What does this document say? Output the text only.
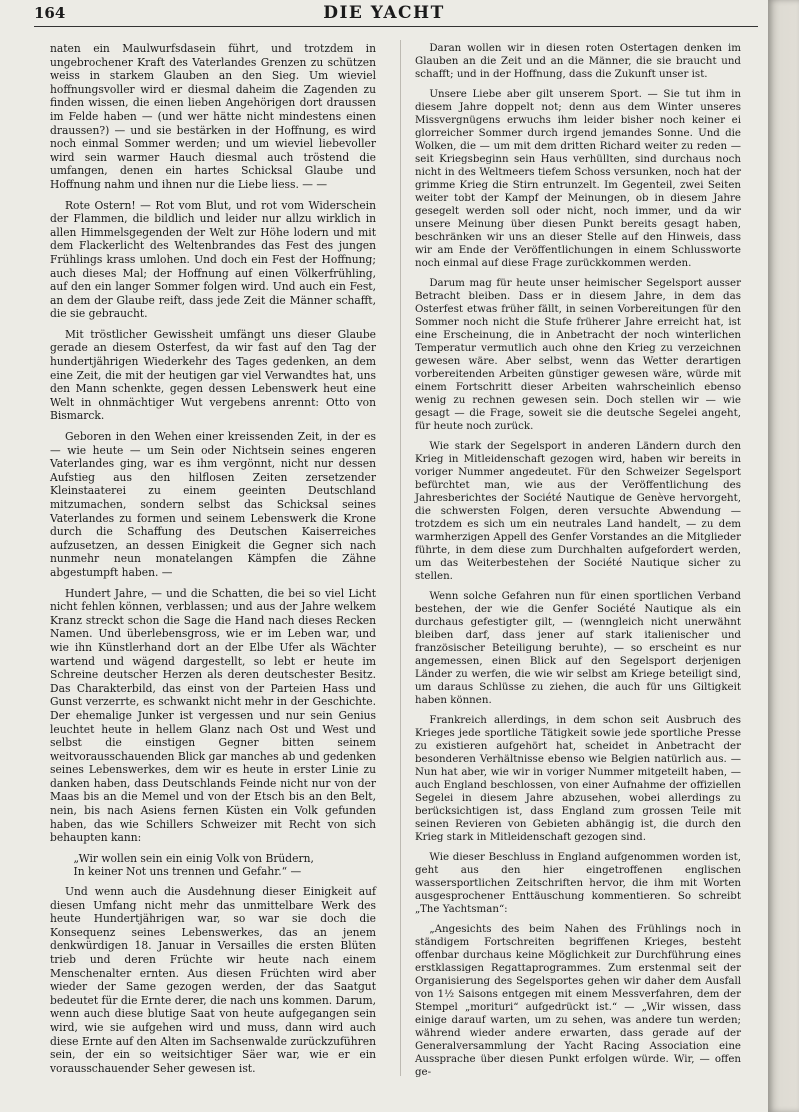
164	DIE YACHT

naten ein Maulwurfsdasein führt, und trotzdem in ungebrochener Kraft des Vaterlandes Grenzen zu schützen weiss in starkem Glauben an den Sieg. Um wieviel hoffnungsvoller wird er diesmal daheim die Zagenden zu finden wissen, die einen lieben Angehörigen dort draussen im Felde haben — (und wer hätte nicht mindestens einen draussen?) — und sie bestärken in der Hoffnung, es wird noch einmal Sommer werden; und um wieviel liebevoller wird sein warmer Hauch diesmal auch tröstend die umfangen, denen ein hartes Schicksal Glaube und Hoffnung nahm und ihnen nur die Liebe liess. — —

Rote Ostern! — Rot vom Blut, und rot vom Widerschein der Flammen, die bildlich und leider nur allzu wirklich in allen Himmelsgegenden der Welt zur Höhe lodern und mit dem Flackerlicht des Weltenbrandes das Fest des jungen Frühlings krass umlohen. Und doch ein Fest der Hoffnung; auch dieses Mal; der Hoffnung auf einen Völkerfrühling, auf den ein langer Sommer folgen wird. Und auch ein Fest, an dem der Glaube reift, dass jede Zeit die Männer schafft, die sie gebraucht.

Mit tröstlicher Gewissheit umfängt uns dieser Glaube gerade an diesem Osterfest, da wir fast auf den Tag der hundertjährigen Wiederkehr des Tages gedenken, an dem eine Zeit, die mit der heutigen gar viel Verwandtes hat, uns den Mann schenkte, gegen dessen Lebenswerk heut eine Welt in ohnmächtiger Wut vergebens anrennt: Otto von Bismarck.

Geboren in den Wehen einer kreissenden Zeit, in der es — wie heute — um Sein oder Nichtsein seines engeren Vaterlandes ging, war es ihm vergönnt, nicht nur dessen Aufstieg aus den hilflosen Zeiten zersetzender Kleinstaaterei zu einem geeinten Deutschland mitzumachen, sondern selbst das Schicksal seines Vaterlandes zu formen und seinem Lebenswerk die Krone durch die Schaffung des Deutschen Kaiserreiches aufzusetzen, an dessen Einigkeit die Gegner sich nach nunmehr neun monatelangen Kämpfen die Zähne abgestumpft haben. —

Hundert Jahre, — und die Schatten, die bei so viel Licht nicht fehlen können, verblassen; und aus der Jahre welkem Kranz streckt schon die Sage die Hand nach dieses Recken Namen. Und überlebensgross, wie er im Leben war, und wie ihn Künstlerhand dort an der Elbe Ufer als Wächter wartend und wägend dargestellt, so lebt er heute im Schreine deutscher Herzen als deren deutschester Besitz. Das Charakterbild, das einst von der Parteien Hass und Gunst verzerrte, es schwankt nicht mehr in der Geschichte. Der ehemalige Junker ist vergessen und nur sein Genius leuchtet heute in hellem Glanz nach Ost und West und selbst die einstigen Gegner bitten seinem weitvorausschauenden Blick gar manches ab und gedenken seines Lebenswerkes, dem wir es heute in erster Linie zu danken haben, dass Deutschlands Feinde nicht nur von der Maas bis an die Memel und von der Etsch bis an den Belt, nein, bis nach Asiens fernen Küsten ein Volk gefunden haben, das wie Schillers Schweizer mit Recht von sich behaupten kann:

„Wir wollen sein ein einig Volk von Brüdern,
In keiner Not uns trennen und Gefahr.“ —

Und wenn auch die Ausdehnung dieser Einigkeit auf diesen Umfang nicht mehr das unmittelbare Werk des heute Hundertjährigen war, so war sie doch die Konsequenz seines Lebenswerkes, das an jenem denkwürdigen 18. Januar in Versailles die ersten Blüten trieb und deren Früchte wir heute nach einem Menschenalter ernten. Aus diesen Früchten wird aber wieder der Same gezogen werden, der das Saatgut bedeutet für die Ernte derer, die nach uns kommen. Darum, wenn auch diese blutige Saat von heute aufgegangen sein wird, wie sie aufgehen wird und muss, dann wird auch diese Ernte auf den Alten im Sachsenwalde zurückzuführen sein, der ein so weitsichtiger Säer war, wie er ein vorausschauender Seher gewesen ist.

Daran wollen wir in diesen roten Ostertagen denken im Glauben an die Zeit und an die Männer, die sie braucht und schafft; und in der Hoffnung, dass die Zukunft unser ist.

Unsere Liebe aber gilt unserem Sport. — Sie tut ihm in diesem Jahre doppelt not; denn aus dem Winter unseres Missvergnügens erwuchs ihm leider bisher noch keiner ei glorreicher Sommer durch irgend jemandes Sonne. Und die Wolken, die — um mit dem dritten Richard weiter zu reden — seit Kriegsbeginn sein Haus verhüllten, sind durchaus noch nicht in des Weltmeers tiefem Schoss versunken, noch hat der grimme Krieg die Stirn entrunzelt. Im Gegenteil, zwei Seiten weiter tobt der Kampf der Meinungen, ob in diesem Jahre gesegelt werden soll oder nicht, noch immer, und da wir unsere Meinung über diesen Punkt bereits gesagt haben, beschränken wir uns an dieser Stelle auf den Hinweis, dass wir am Ende der Veröffentlichungen in einem Schlussworte noch einmal auf diese Frage zurückkommen werden.

Darum mag für heute unser heimischer Segelsport ausser Betracht bleiben. Dass er in diesem Jahre, in dem das Osterfest etwas früher fällt, in seinen Vorbereitungen für den Sommer noch nicht die Stufe früherer Jahre erreicht hat, ist eine Erscheinung, die in Anbetracht der noch winterlichen Temperatur vermutlich auch ohne den Krieg zu verzeichnen gewesen wäre. Aber selbst, wenn das Wetter derartigen vorbereitenden Arbeiten günstiger gewesen wäre, würde mit einem Fortschritt dieser Arbeiten wahrscheinlich ebenso wenig zu rechnen gewesen sein. Doch stellen wir — wie gesagt — die Frage, soweit sie die deutsche Segelei angeht, für heute noch zurück.

Wie stark der Segelsport in anderen Ländern durch den Krieg in Mitleidenschaft gezogen wird, haben wir bereits in voriger Nummer angedeutet. Für den Schweizer Segelsport befürchtet man, wie aus der Veröffentlichung des Jahresberichtes der Société Nautique de Genève hervorgeht, die schwersten Folgen, deren versuchte Abwendung — trotzdem es sich um ein neutrales Land handelt, — zu dem warmherzigen Appell des Genfer Vorstandes an die Mitglieder führte, in dem diese zum Durchhalten aufgefordert werden, um das Weiterbestehen der Société Nautique sicher zu stellen.

Wenn solche Gefahren nun für einen sportlichen Verband bestehen, der wie die Genfer Société Nautique als ein durchaus gefestigter gilt, — (wenngleich nicht unerwähnt bleiben darf, dass jener auf stark italienischer und französischer Beteiligung beruhte), — so erscheint es nur angemessen, einen Blick auf den Segelsport derjenigen Länder zu werfen, die wie wir selbst am Kriege beteiligt sind, um daraus Schlüsse zu ziehen, die auch für uns Giltigkeit haben können.

Frankreich allerdings, in dem schon seit Ausbruch des Krieges jede sportliche Tätigkeit sowie jede sportliche Presse zu existieren aufgehört hat, scheidet in Anbetracht der besonderen Verhältnisse ebenso wie Belgien natürlich aus. — Nun hat aber, wie wir in voriger Nummer mitgeteilt haben, — auch England beschlossen, von einer Aufnahme der offiziellen Segelei in diesem Jahre abzusehen, wobei allerdings zu berücksichtigen ist, dass England zum grossen Teile mit seinen Revieren von Gebieten abhängig ist, die durch den Krieg stark in Mitleidenschaft gezogen sind.

Wie dieser Beschluss in England aufgenommen worden ist, geht aus den hier eingetroffenen englischen wassersportlichen Zeitschriften hervor, die ihm mit Worten ausgesprochener Enttäuschung kommentieren. So schreibt „The Yachtsman“:

„Angesichts des beim Nahen des Frühlings noch in ständigem Fortschreiten begriffenen Krieges, besteht offenbar durchaus keine Möglichkeit zur Durchführung eines erstklassigen Regattaprogrammes. Zum erstenmal seit der Organisierung des Segelsportes gehen wir daher dem Ausfall von 1½ Saisons entgegen mit einem Messverfahren, dem der Stempel „morituri“ aufgedrückt ist.“ — „Wir wissen, dass einige darauf warten, um zu sehen, was andere tun werden; während wieder andere erwarten, dass gerade auf der Generalversammlung der Yacht Racing Association eine Aussprache über diesen Punkt erfolgen würde. Wir, — offen ge-
